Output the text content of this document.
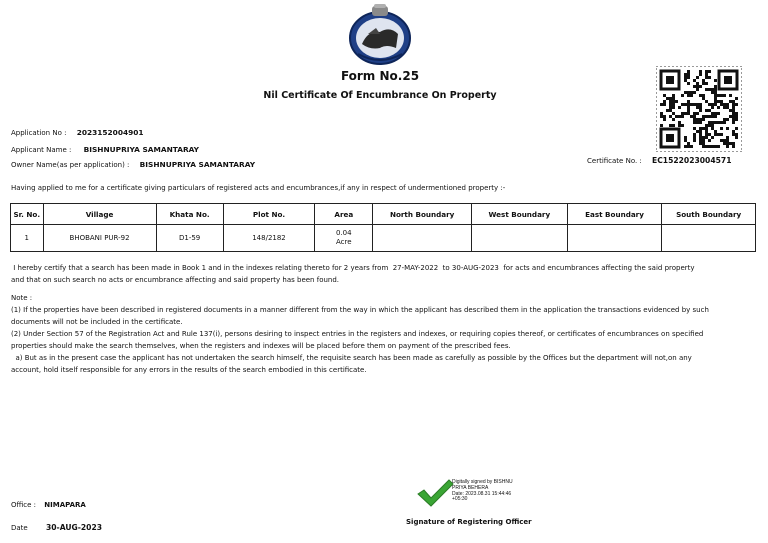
Form No.25
Nil Certificate Of Encumbrance On Property
Application No : 2023152004901
Applicant Name : BISHNUPRIYA SAMANTARAY
Owner Name(as per application) : BISHNUPRIYA SAMANTARAY	Certificate No. : EC1522023004571
Having applied to me for a certificate giving particulars of registered acts and encumbrances,if any in respect of undermentioned property :-
Sr. No.	Village	Khata No.	Plot No.	Area	North Boundary	West Boundary	East Boundary	South Boundary
1	BHOBANI PUR-92	D1-59	148/2182	0.04
Acre				

I hereby certify that a search has been made in Book 1 and in the indexes relating thereto for 2 years from  27-MAY-2022  to 30-AUG-2023  for acts and encumbrances affecting the said property
and that on such search no acts or encumbrance affecting and said property has been found.
Note :
(1) If the properties have been described in registered documents in a manner different from the way in which the applicant has described them in the application the transactions evidenced by such
documents will not be included in the certificate.
(2) Under Section 57 of the Registration Act and Rule 137(i), persons desiring to inspect entries in the registers and indexes, or requiring copies thereof, or certificates of encumbrances on specified
properties should make the search themselves, when the registers and indexes will be placed before them on payment of the prescribed fees.
a) But as in the present case the applicant has not undertaken the search himself, the requisite search has been made as carefully as possible by the Offices but the department will not,on any
account, hold itself responsible for any errors in the results of the search embodied in this certificate.
Digitally signed by BISHNU
PRIYA BEHERA
Date: 2023.08.31 15:44:46
+05:30
Signature of Registering Officer
Office : NIMAPARA
Date 30-AUG-2023
